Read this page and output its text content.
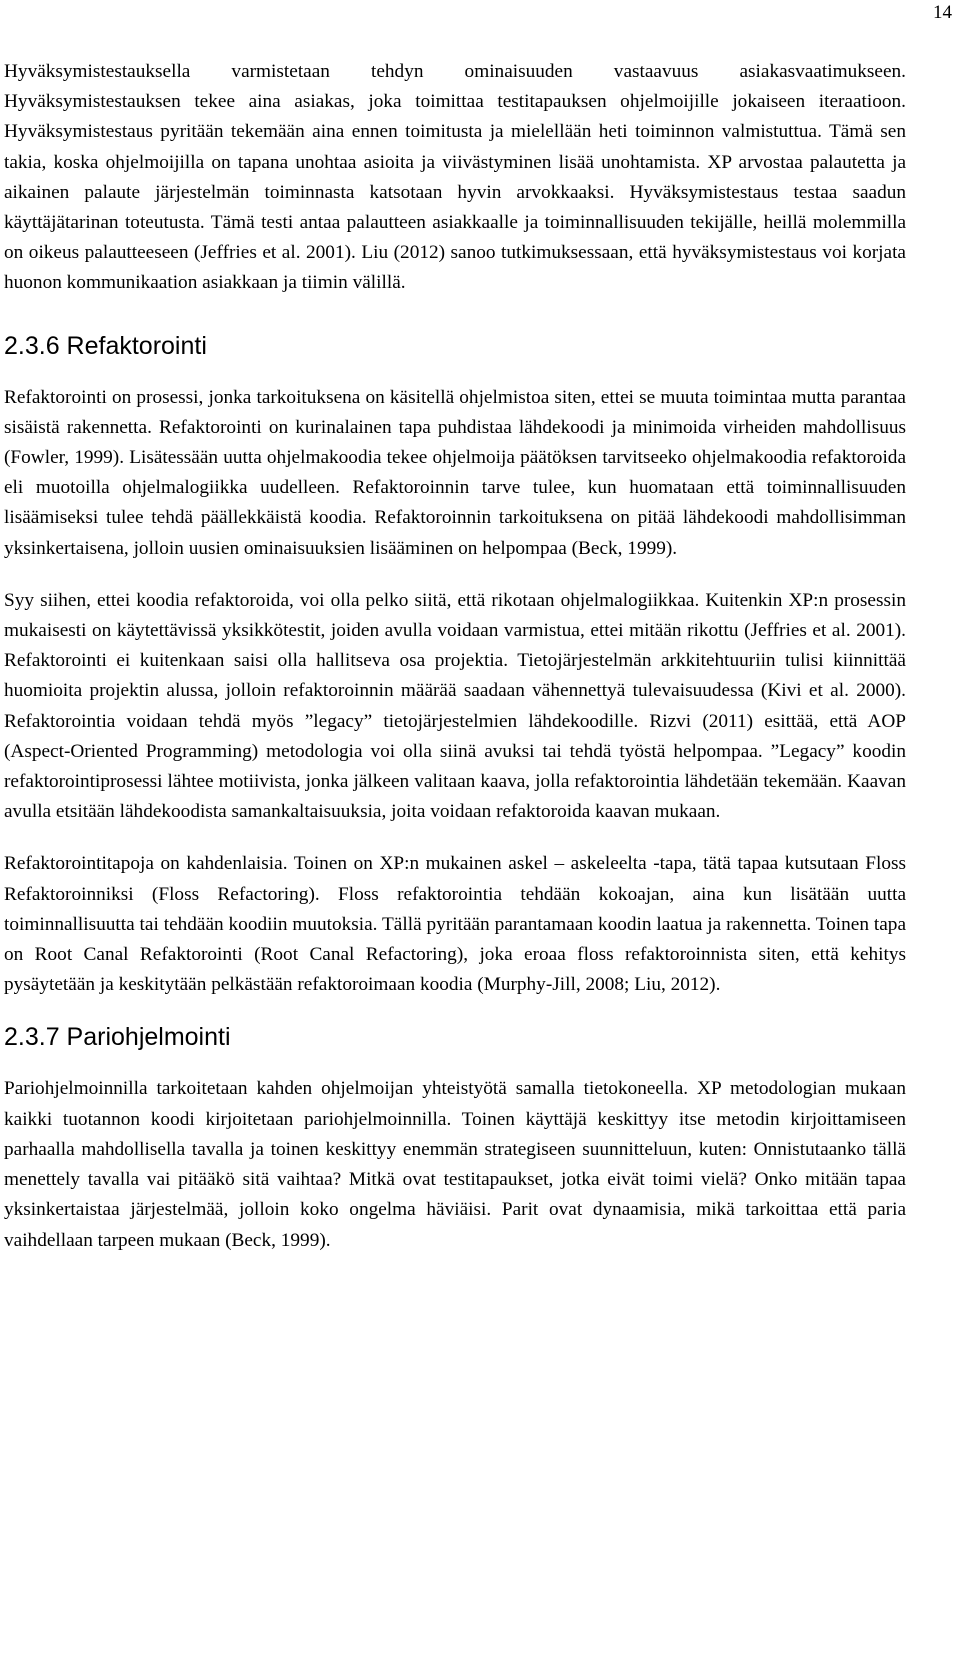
14

Hyväksymistestauksella varmistetaan tehdyn ominaisuuden vastaavuus asiakasvaatimukseen. Hyväksymistestauksen tekee aina asiakas, joka toimittaa testitapauksen ohjelmoijille jokaiseen iteraatioon. Hyväksymistestaus pyritään tekemään aina ennen toimitusta ja mielellään heti toiminnon valmistuttua. Tämä sen takia, koska ohjelmoijilla on tapana unohtaa asioita ja viivästyminen lisää unohtamista. XP arvostaa palautetta ja aikainen palaute järjestelmän toiminnasta katsotaan hyvin arvokkaaksi. Hyväksymistestaus testaa saadun käyttäjätarinan toteutusta. Tämä testi antaa palautteen asiakkaalle ja toiminnallisuuden tekijälle, heillä molemmilla on oikeus palautteeseen (Jeffries et al. 2001). Liu (2012) sanoo tutkimuksessaan, että hyväksymistestaus voi korjata huonon kommunikaation asiakkaan ja tiimin välillä.

2.3.6 Refaktorointi

Refaktorointi on prosessi, jonka tarkoituksena on käsitellä ohjelmistoa siten, ettei se muuta toimintaa mutta parantaa sisäistä rakennetta. Refaktorointi on kurinalainen tapa puhdistaa lähdekoodi ja minimoida virheiden mahdollisuus (Fowler, 1999). Lisätessään uutta ohjelmakoodia tekee ohjelmoija päätöksen tarvitseeko ohjelmakoodia refaktoroida eli muotoilla ohjelmalogiikka uudelleen. Refaktoroinnin tarve tulee, kun huomataan että toiminnallisuuden lisäämiseksi tulee tehdä päällekkäistä koodia. Refaktoroinnin tarkoituksena on pitää lähdekoodi mahdollisimman yksinkertaisena, jolloin uusien ominaisuuksien lisääminen on helpompaa (Beck, 1999).

Syy siihen, ettei koodia refaktoroida, voi olla pelko siitä, että rikotaan ohjelmalogiikkaa. Kuitenkin XP:n prosessin mukaisesti on käytettävissä yksikkötestit, joiden avulla voidaan varmistua, ettei mitään rikottu (Jeffries et al. 2001). Refaktorointi ei kuitenkaan saisi olla hallitseva osa projektia. Tietojärjestelmän arkkitehtuuriin tulisi kiinnittää huomioita projektin alussa, jolloin refaktoroinnin määrää saadaan vähennettyä tulevaisuudessa (Kivi et al. 2000). Refaktorointia voidaan tehdä myös ”legacy” tietojärjestelmien lähdekoodille. Rizvi (2011) esittää, että AOP (Aspect-Oriented Programming) metodologia voi olla siinä avuksi tai tehdä työstä helpompaa. ”Legacy” koodin refaktorointiprosessi lähtee motiivista, jonka jälkeen valitaan kaava, jolla refaktorointia lähdetään tekemään. Kaavan avulla etsitään lähdekoodista samankaltaisuuksia, joita voidaan refaktoroida kaavan mukaan.

Refaktorointitapoja on kahdenlaisia. Toinen on XP:n mukainen askel – askeleelta -tapa, tätä tapaa kutsutaan Floss Refaktoroinniksi (Floss Refactoring). Floss refaktorointia tehdään kokoajan, aina kun lisätään uutta toiminnallisuutta tai tehdään koodiin muutoksia. Tällä pyritään parantamaan koodin laatua ja rakennetta. Toinen tapa on Root Canal Refaktorointi (Root Canal Refactoring), joka eroaa floss refaktoroinnista siten, että kehitys pysäytetään ja keskitytään pelkästään refaktoroimaan koodia (Murphy-Jill, 2008; Liu, 2012).

2.3.7 Pariohjelmointi

Pariohjelmoinnilla tarkoitetaan kahden ohjelmoijan yhteistyötä samalla tietokoneella. XP metodologian mukaan kaikki tuotannon koodi kirjoitetaan pariohjelmoinnilla. Toinen käyttäjä keskittyy itse metodin kirjoittamiseen parhaalla mahdollisella tavalla ja toinen keskittyy enemmän strategiseen suunnitteluun, kuten: Onnistutaanko tällä menettely tavalla vai pitääkö sitä vaihtaa? Mitkä ovat testitapaukset, jotka eivät toimi vielä? Onko mitään tapaa yksinkertaistaa järjestelmää, jolloin koko ongelma häviäisi. Parit ovat dynaamisia, mikä tarkoittaa että paria vaihdellaan tarpeen mukaan (Beck, 1999).
